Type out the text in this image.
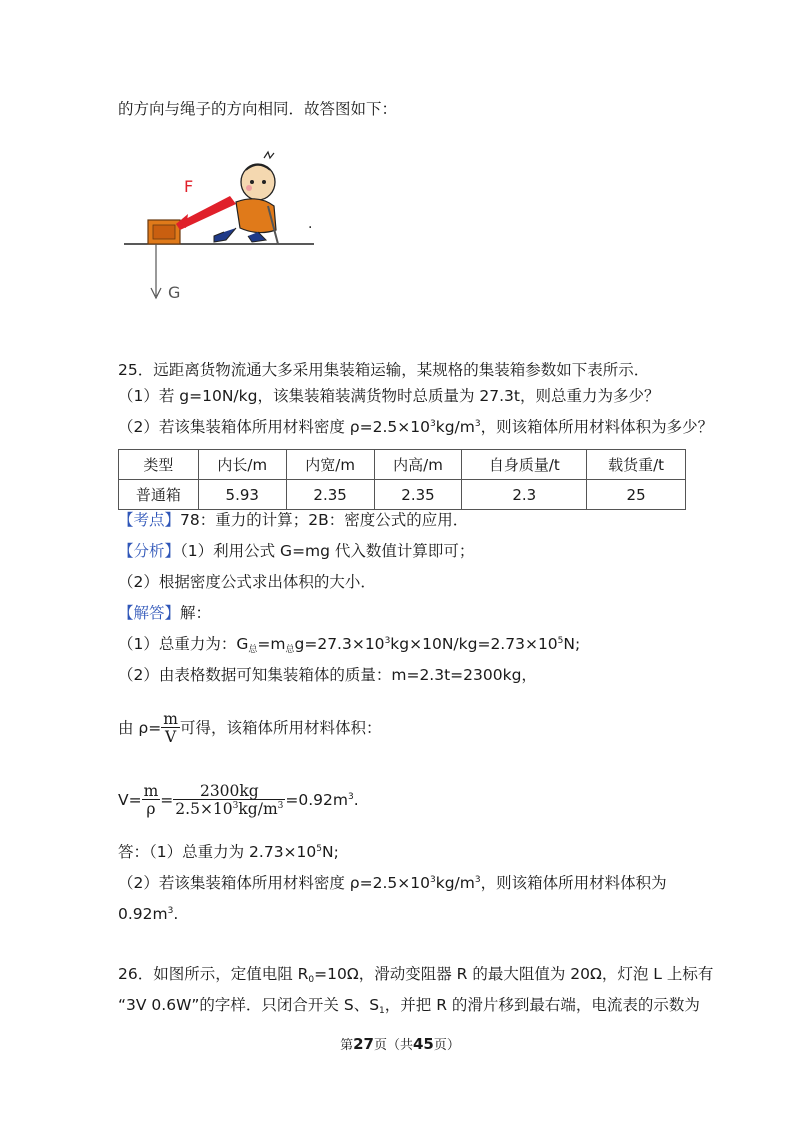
的方向与绳子的方向相同．故答图如下：
F
G
.
25．远距离货物流通大多采用集装箱运输，某规格的集装箱参数如下表所示．
（1）若 g=10N/kg，该集装箱装满货物时总质量为 27.3t，则总重力为多少？
（2）若该集装箱体所用材料密度 $\rho=2.5\times 10^3kg/m^3$，则该箱体所用材料体积为多少？
类型	内长/m	内宽/m	内高/m	自身质量/t	载货重/t
普通箱	5.93	2.35	2.35	2.3	25
【考点】78：重力的计算；2B：密度公式的应用．
【分析】（1）利用公式 G=mg 代入数值计算即可；
（2）根据密度公式求出体积的大小．
【解答】解：
（1）总重力为：$G_总=m_总g=27.3\times 10^3kg\times 10N/kg=2.73\times 10^5N$;
（2）由表格数据可知集装箱体的质量：m=2.3t=2300kg，
由 $\rho= \frac{m}{V}$ 可得，该箱体所用材料体积：
$V= \frac{m}{\rho} = \frac{2300kg}{2.5\times 10^3kg/m^3} =0.92m^3$.
答：（1）总重力为 $2.73\times 10^5N$;
（2）若该集装箱体所用材料密度 $\rho=2.5\times 10^3kg/m^3$，则该箱体所用材料体积为
$0.92m^3$.
26．如图所示，定值电阻 $R_0=10\Omega$，滑动变阻器 R 的最大阻值为 20Ω，灯泡 L 上标有
“3V 0.6W”的字样．只闭合开关 S、$S_1$，并把 R 的滑片移到最右端，电流表的示数为
第27页（共45页）
